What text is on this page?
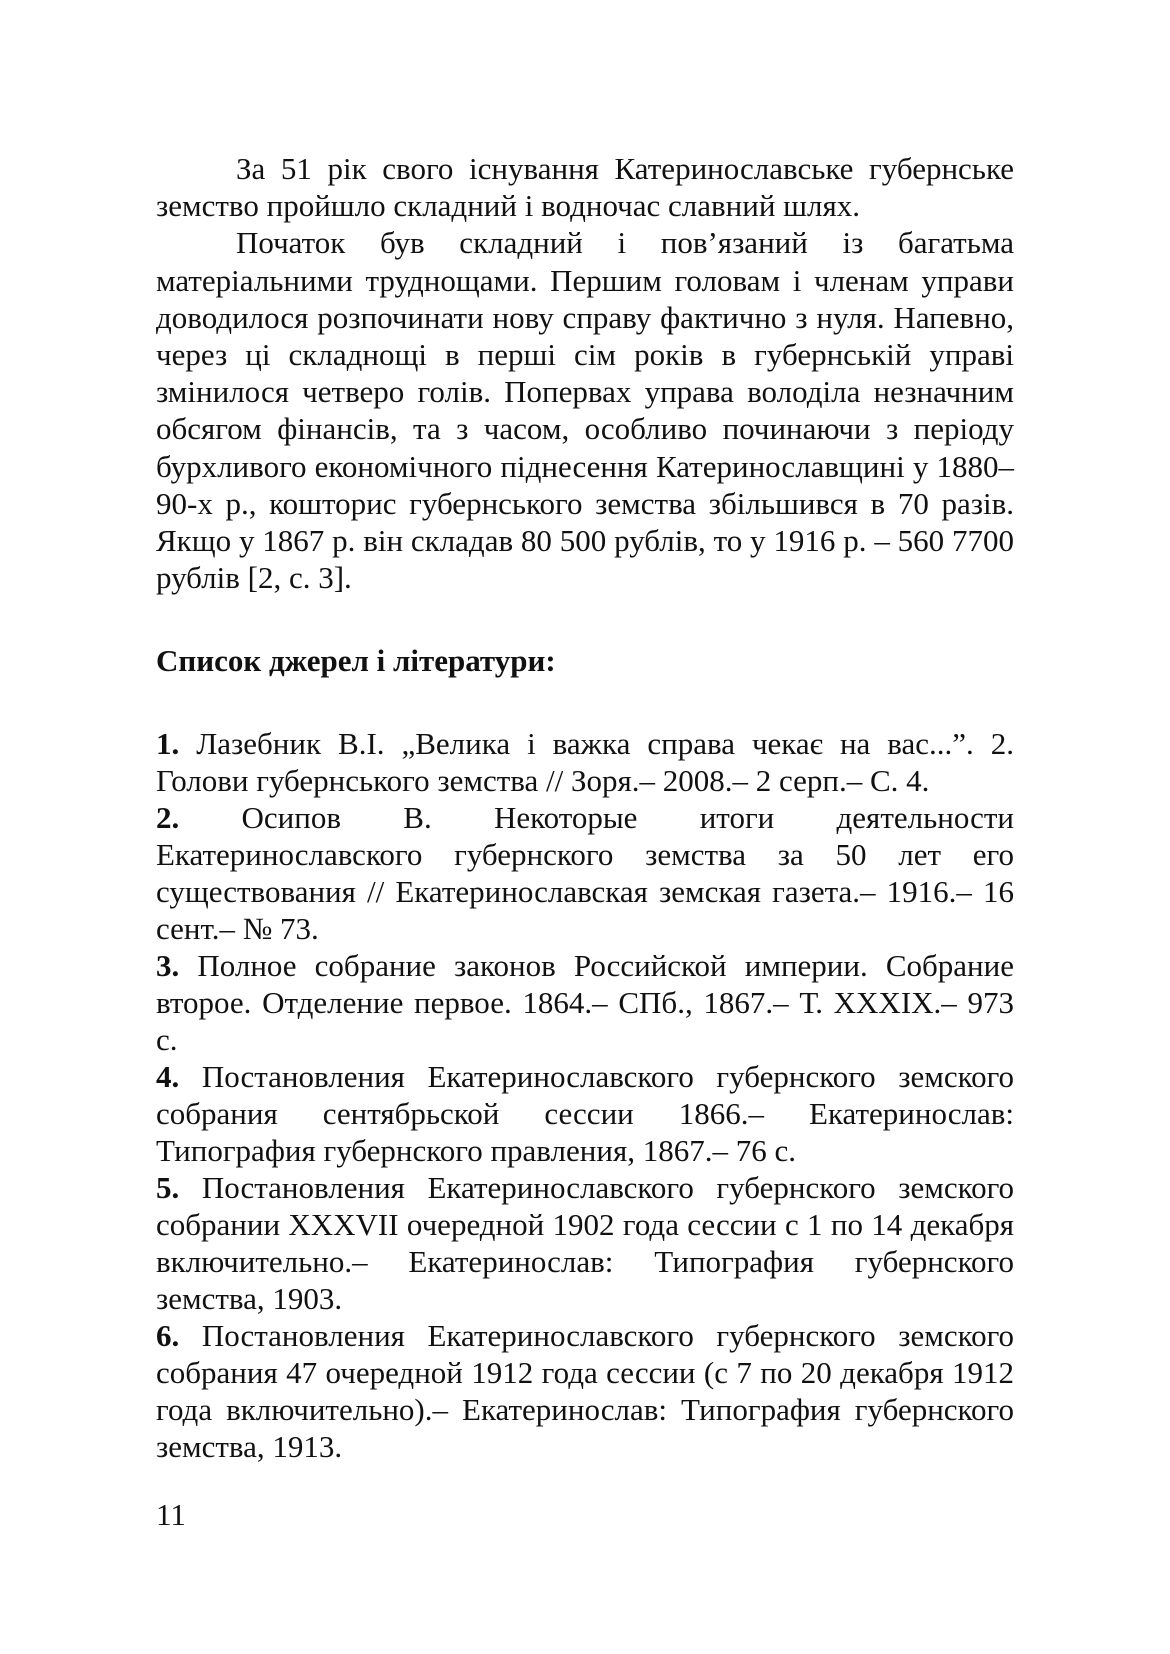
За 51 рік свого існування Катеринославське губернське земство пройшло складний і водночас славний шлях.

Початок був складний і пов’язаний із багатьма матеріальними труднощами. Першим головам і членам управи доводилося розпочинати нову справу фактично з нуля. Напевно, через ці складнощі в перші сім років в губернській управі змінилося четверо голів. Попервах управа володіла незначним обсягом фінансів, та з часом, особливо починаючи з періоду бурхливого економічного піднесення Катеринославщині у 1880–90-х р., кошторис губернського земства збільшився в 70 разів. Якщо у 1867 р. він складав 80 500 рублів, то у 1916 р. – 560 7700 рублів [2, с. 3].

Список джерел і літератури:
1. Лазебник В.І. „Велика і важка справа чекає на вас...”. 2. Голови губернського земства // Зоря.– 2008.– 2 серп.– С. 4.
2. Осипов В. Некоторые итоги деятельности Екатеринославского губернского земства за 50 лет его существования // Екатеринославская земская газета.– 1916.– 16 сент.– № 73.
3. Полное собрание законов Российской империи. Собрание второе. Отделение первое. 1864.– СПб., 1867.– Т. XXXIX.– 973 с.
4. Постановления Екатеринославского губернского земского собрания сентябрьской сессии 1866.– Екатеринослав: Типография губернского правления, 1867.– 76 с.
5. Постановления Екатеринославского губернского земского собрании XXXVII очередной 1902 года сессии с 1 по 14 декабря включительно.– Екатеринослав: Типография губернского земства, 1903.
6. Постановления Екатеринославского губернского земского собрания 47 очередной 1912 года сессии (с 7 по 20 декабря 1912 года включительно).– Екатеринослав: Типография губернского земства, 1913.
11
